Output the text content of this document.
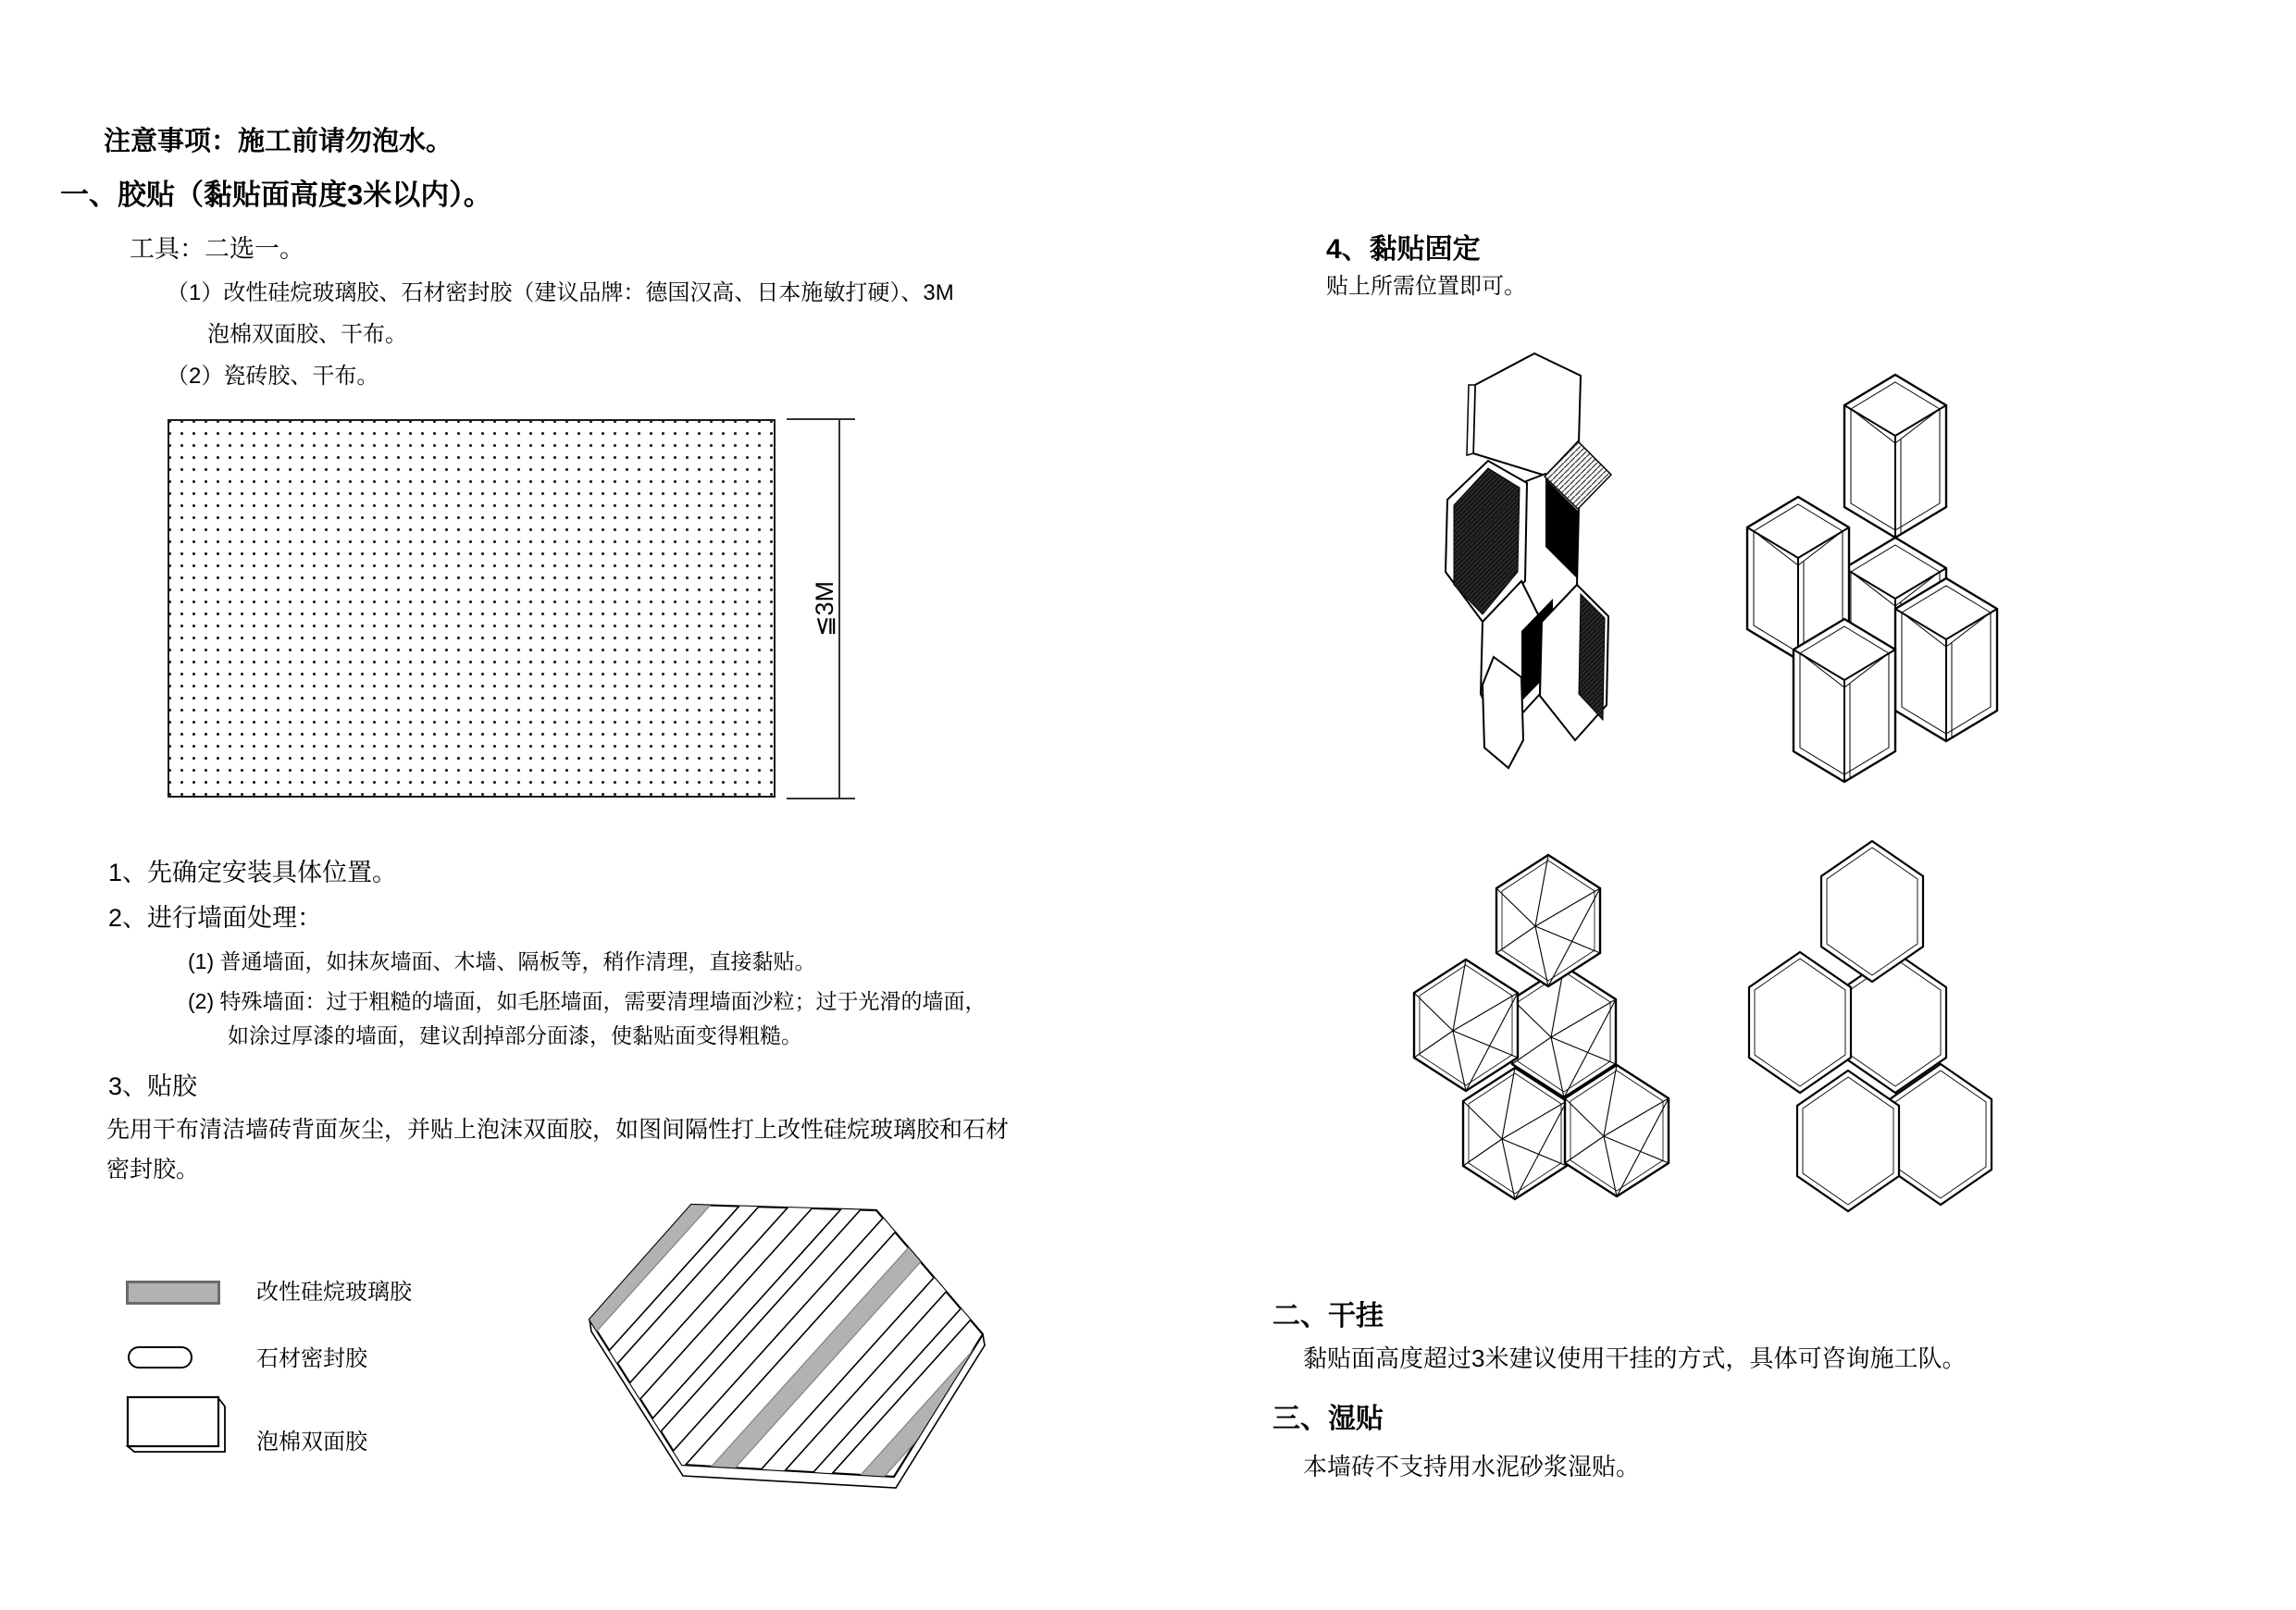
注意事项：施工前请勿泡水。
一、胶贴（黏贴面高度3米以内）。
工具：二选一。
（1）改性硅烷玻璃胶、石材密封胶（建议品牌：德国汉高、日本施敏打硬）、3M
泡棉双面胶、干布。
（2）瓷砖胶、干布。
≦3M
1、先确定安装具体位置。
2、进行墙面处理：
(1) 普通墙面，如抹灰墙面、木墙、隔板等，稍作清理，直接黏贴。
(2) 特殊墙面：过于粗糙的墙面，如毛胚墙面，需要清理墙面沙粒；过于光滑的墙面，
如涂过厚漆的墙面，建议刮掉部分面漆，使黏贴面变得粗糙。
3、贴胶
先用干布清洁墙砖背面灰尘，并贴上泡沫双面胶，如图间隔性打上改性硅烷玻璃胶和石材
密封胶。
改性硅烷玻璃胶
石材密封胶
泡棉双面胶
4、黏贴固定
贴上所需位置即可。
二、干挂
黏贴面高度超过3米建议使用干挂的方式，具体可咨询施工队。
三、湿贴
本墙砖不支持用水泥砂浆湿贴。
